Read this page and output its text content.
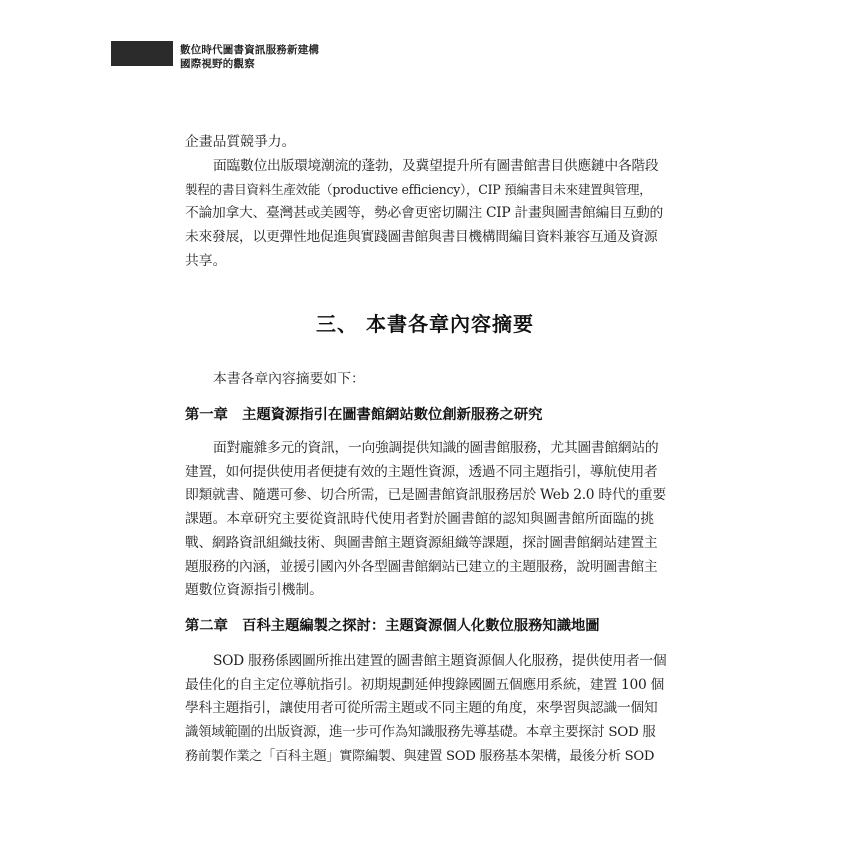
數位時代圖書資訊服務新建構
國際視野的觀察
企畫品質競爭力。
面臨數位出版環境潮流的蓬勃，及冀望提升所有圖書館書目供應鏈中各階段
製程的書目資料生產效能（productive efficiency），CIP 預編書目未來建置與管理，
不論加拿大、臺灣甚或美國等，勢必會更密切關注 CIP 計畫與圖書館編目互動的
未來發展，以更彈性地促進與實踐圖書館與書目機構間編目資料兼容互通及資源
共享。
三、 本書各章內容摘要
本書各章內容摘要如下：
第一章　主題資源指引在圖書館網站數位創新服務之研究
面對龐雜多元的資訊，一向強調提供知識的圖書館服務，尤其圖書館網站的
建置，如何提供使用者便捷有效的主題性資源，透過不同主題指引，導航使用者
即類就書、隨選可參、切合所需，已是圖書館資訊服務居於 Web 2.0 時代的重要
課題。本章研究主要從資訊時代使用者對於圖書館的認知與圖書館所面臨的挑
戰、網路資訊組織技術、與圖書館主題資源組織等課題，探討圖書館網站建置主
題服務的內涵，並援引國內外各型圖書館網站已建立的主題服務，說明圖書館主
題數位資源指引機制。
第二章　百科主題編製之探討：主題資源個人化數位服務知識地圖
SOD 服務係國圖所推出建置的圖書館主題資源個人化服務，提供使用者一個
最佳化的自主定位導航指引。初期規劃延伸搜錄國圖五個應用系統，建置 100 個
學科主題指引，讓使用者可從所需主題或不同主題的角度，來學習與認識一個知
識領域範圍的出版資源，進一步可作為知識服務先導基礎。本章主要探討 SOD 服
務前製作業之「百科主題」實際編製、與建置 SOD 服務基本架構，最後分析 SOD
